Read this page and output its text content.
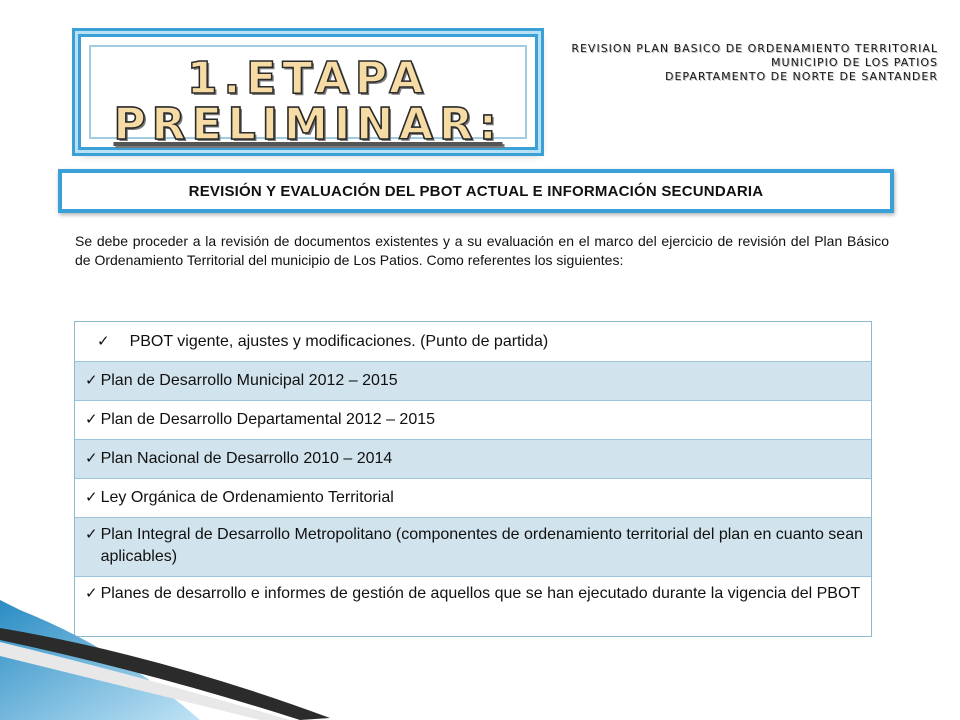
1.ETAPA
PRELIMINAR:
REVISION PLAN BASICO DE ORDENAMIENTO TERRITORIAL
MUNICIPIO DE LOS PATIOS
DEPARTAMENTO DE NORTE DE SANTANDER
REVISIÓN Y EVALUACIÓN DEL PBOT ACTUAL E INFORMACIÓN SECUNDARIA
Se debe proceder a la revisión de documentos existentes y a su evaluación en el marco del ejercicio de revisión del Plan Básico de Ordenamiento Territorial del municipio de Los Patios. Como referentes los siguientes:
✓ PBOT vigente, ajustes y modificaciones. (Punto de partida)
✓ Plan de Desarrollo Municipal 2012 – 2015
✓ Plan de Desarrollo Departamental 2012 – 2015
✓ Plan Nacional de Desarrollo 2010 – 2014
✓ Ley Orgánica de Ordenamiento Territorial
✓ Plan Integral de Desarrollo Metropolitano (componentes de ordenamiento territorial del plan en cuanto sean aplicables)
✓ Planes de desarrollo e informes de gestión de aquellos que se han ejecutado durante la vigencia del PBOT
